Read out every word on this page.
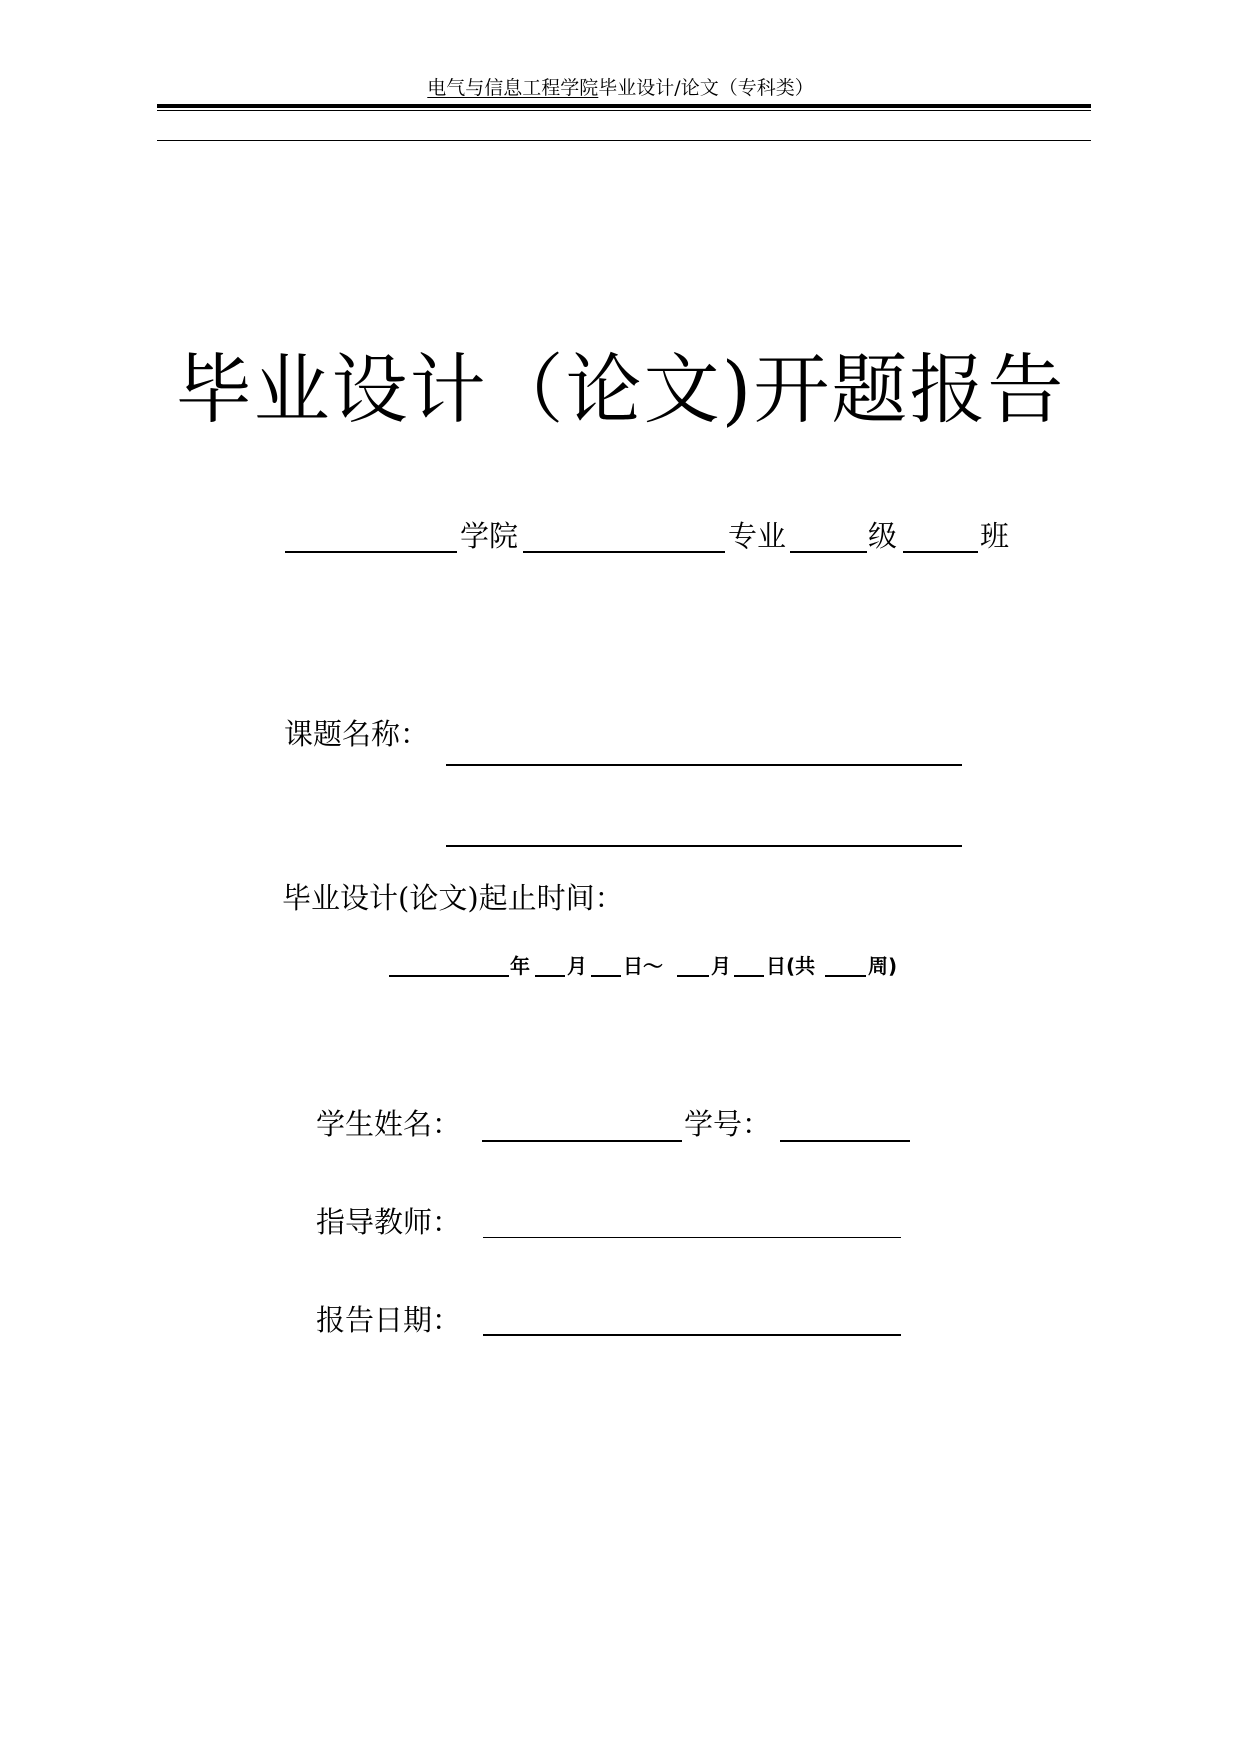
电气与信息工程学院毕业设计/论文（专科类）
毕业设计（论文)开题报告
学院	专业	级	班
课题名称：
毕业设计(论文)起止时间：
年 月 日〜 月 日(共	周)
学生姓名：	学号：
指导教师：
报告日期：
